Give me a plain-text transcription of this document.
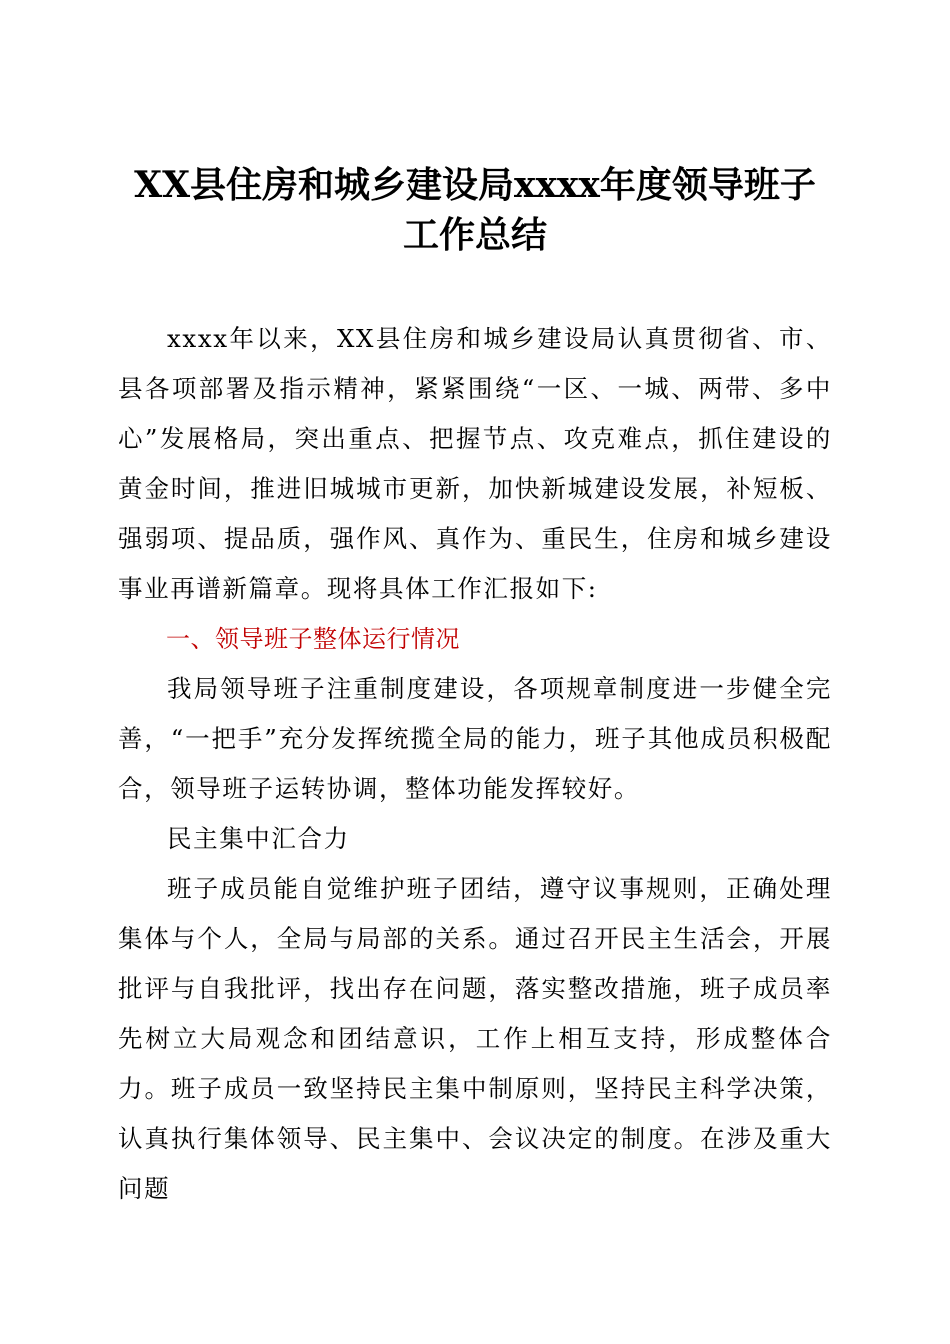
XX县住房和城乡建设局xxxx年度领导班子工作总结

xxxx年以来，XX县住房和城乡建设局认真贯彻省、市、县各项部署及指示精神，紧紧围绕“一区、一城、两带、多中心”发展格局，突出重点、把握节点、攻克难点，抓住建设的黄金时间，推进旧城城市更新，加快新城建设发展，补短板、强弱项、提品质，强作风、真作为、重民生，住房和城乡建设事业再谱新篇章。现将具体工作汇报如下:

一、领导班子整体运行情况

我局领导班子注重制度建设，各项规章制度进一步健全完善，“一把手”充分发挥统揽全局的能力，班子其他成员积极配合，领导班子运转协调，整体功能发挥较好。

民主集中汇合力

班子成员能自觉维护班子团结，遵守议事规则，正确处理集体与个人，全局与局部的关系。通过召开民主生活会，开展批评与自我批评，找出存在问题，落实整改措施，班子成员率先树立大局观念和团结意识，工作上相互支持，形成整体合力。班子成员一致坚持民主集中制原则，坚持民主科学决策，认真执行集体领导、民主集中、会议决定的制度。在涉及重大问题
